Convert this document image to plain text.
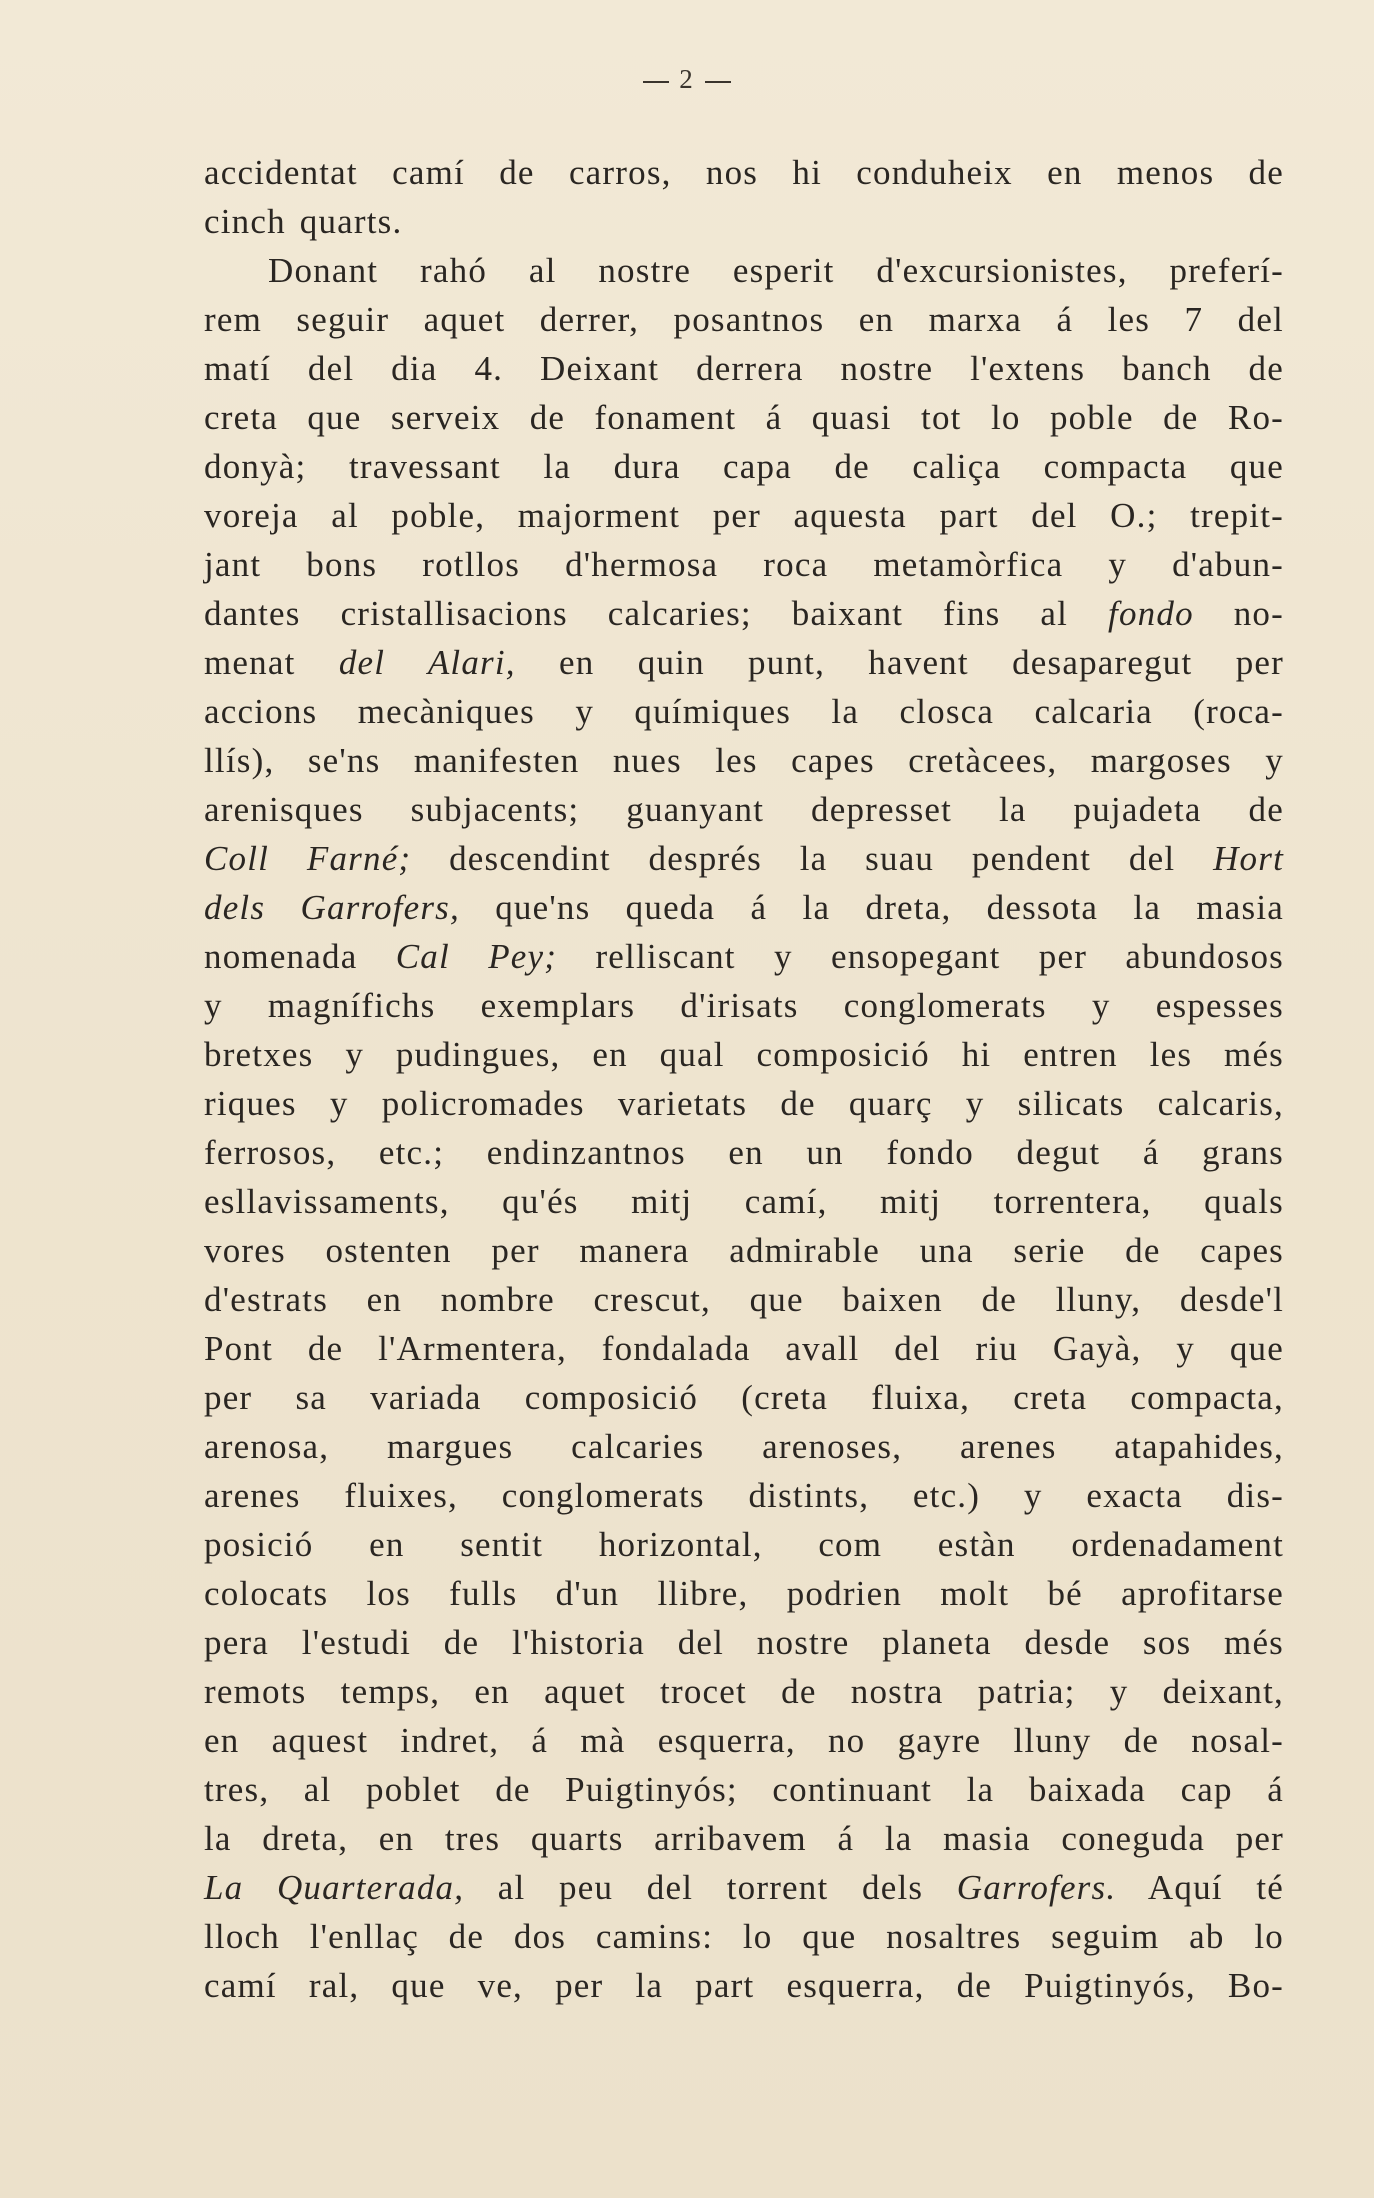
2
accidentat camí de carros, nos hi conduheix en menos de
cinch quarts.
Donant rahó al nostre esperit d'excursionistes, preferí-
rem seguir aquet derrer, posantnos en marxa á les 7 del
matí del dia 4. Deixant derrera nostre l'extens banch de
creta que serveix de fonament á quasi tot lo poble de Ro-
donyà; travessant la dura capa de caliça compacta que
voreja al poble, majorment per aquesta part del O.; trepit-
jant bons rotllos d'hermosa roca metamòrfica y d'abun-
dantes cristallisacions calcaries; baixant fins al fondo no-
menat del Alari, en quin punt, havent desaparegut per
accions mecàniques y químiques la closca calcaria (roca-
llís), se'ns manifesten nues les capes cretàcees, margoses y
arenisques subjacents; guanyant depresset la pujadeta de
Coll Farné; descendint després la suau pendent del Hort
dels Garrofers, que'ns queda á la dreta, dessota la masia
nomenada Cal Pey; relliscant y ensopegant per abundosos
y magnífichs exemplars d'irisats conglomerats y espesses
bretxes y pudingues, en qual composició hi entren les més
riques y policromades varietats de quarç y silicats calcaris,
ferrosos, etc.; endinzantnos en un fondo degut á grans
esllavissaments, qu'és mitj camí, mitj torrentera, quals
vores ostenten per manera admirable una serie de capes
d'estrats en nombre crescut, que baixen de lluny, desde'l
Pont de l'Armentera, fondalada avall del riu Gayà, y que
per sa variada composició (creta fluixa, creta compacta,
arenosa, margues calcaries arenoses, arenes atapahides,
arenes fluixes, conglomerats distints, etc.) y exacta dis-
posició en sentit horizontal, com estàn ordenadament
colocats los fulls d'un llibre, podrien molt bé aprofitarse
pera l'estudi de l'historia del nostre planeta desde sos més
remots temps, en aquet trocet de nostra patria; y deixant,
en aquest indret, á mà esquerra, no gayre lluny de nosal-
tres, al poblet de Puigtinyós; continuant la baixada cap á
la dreta, en tres quarts arribavem á la masia coneguda per
La Quarterada, al peu del torrent dels Garrofers. Aquí té
lloch l'enllaç de dos camins: lo que nosaltres seguim ab lo
camí ral, que ve, per la part esquerra, de Puigtinyós, Bo-
